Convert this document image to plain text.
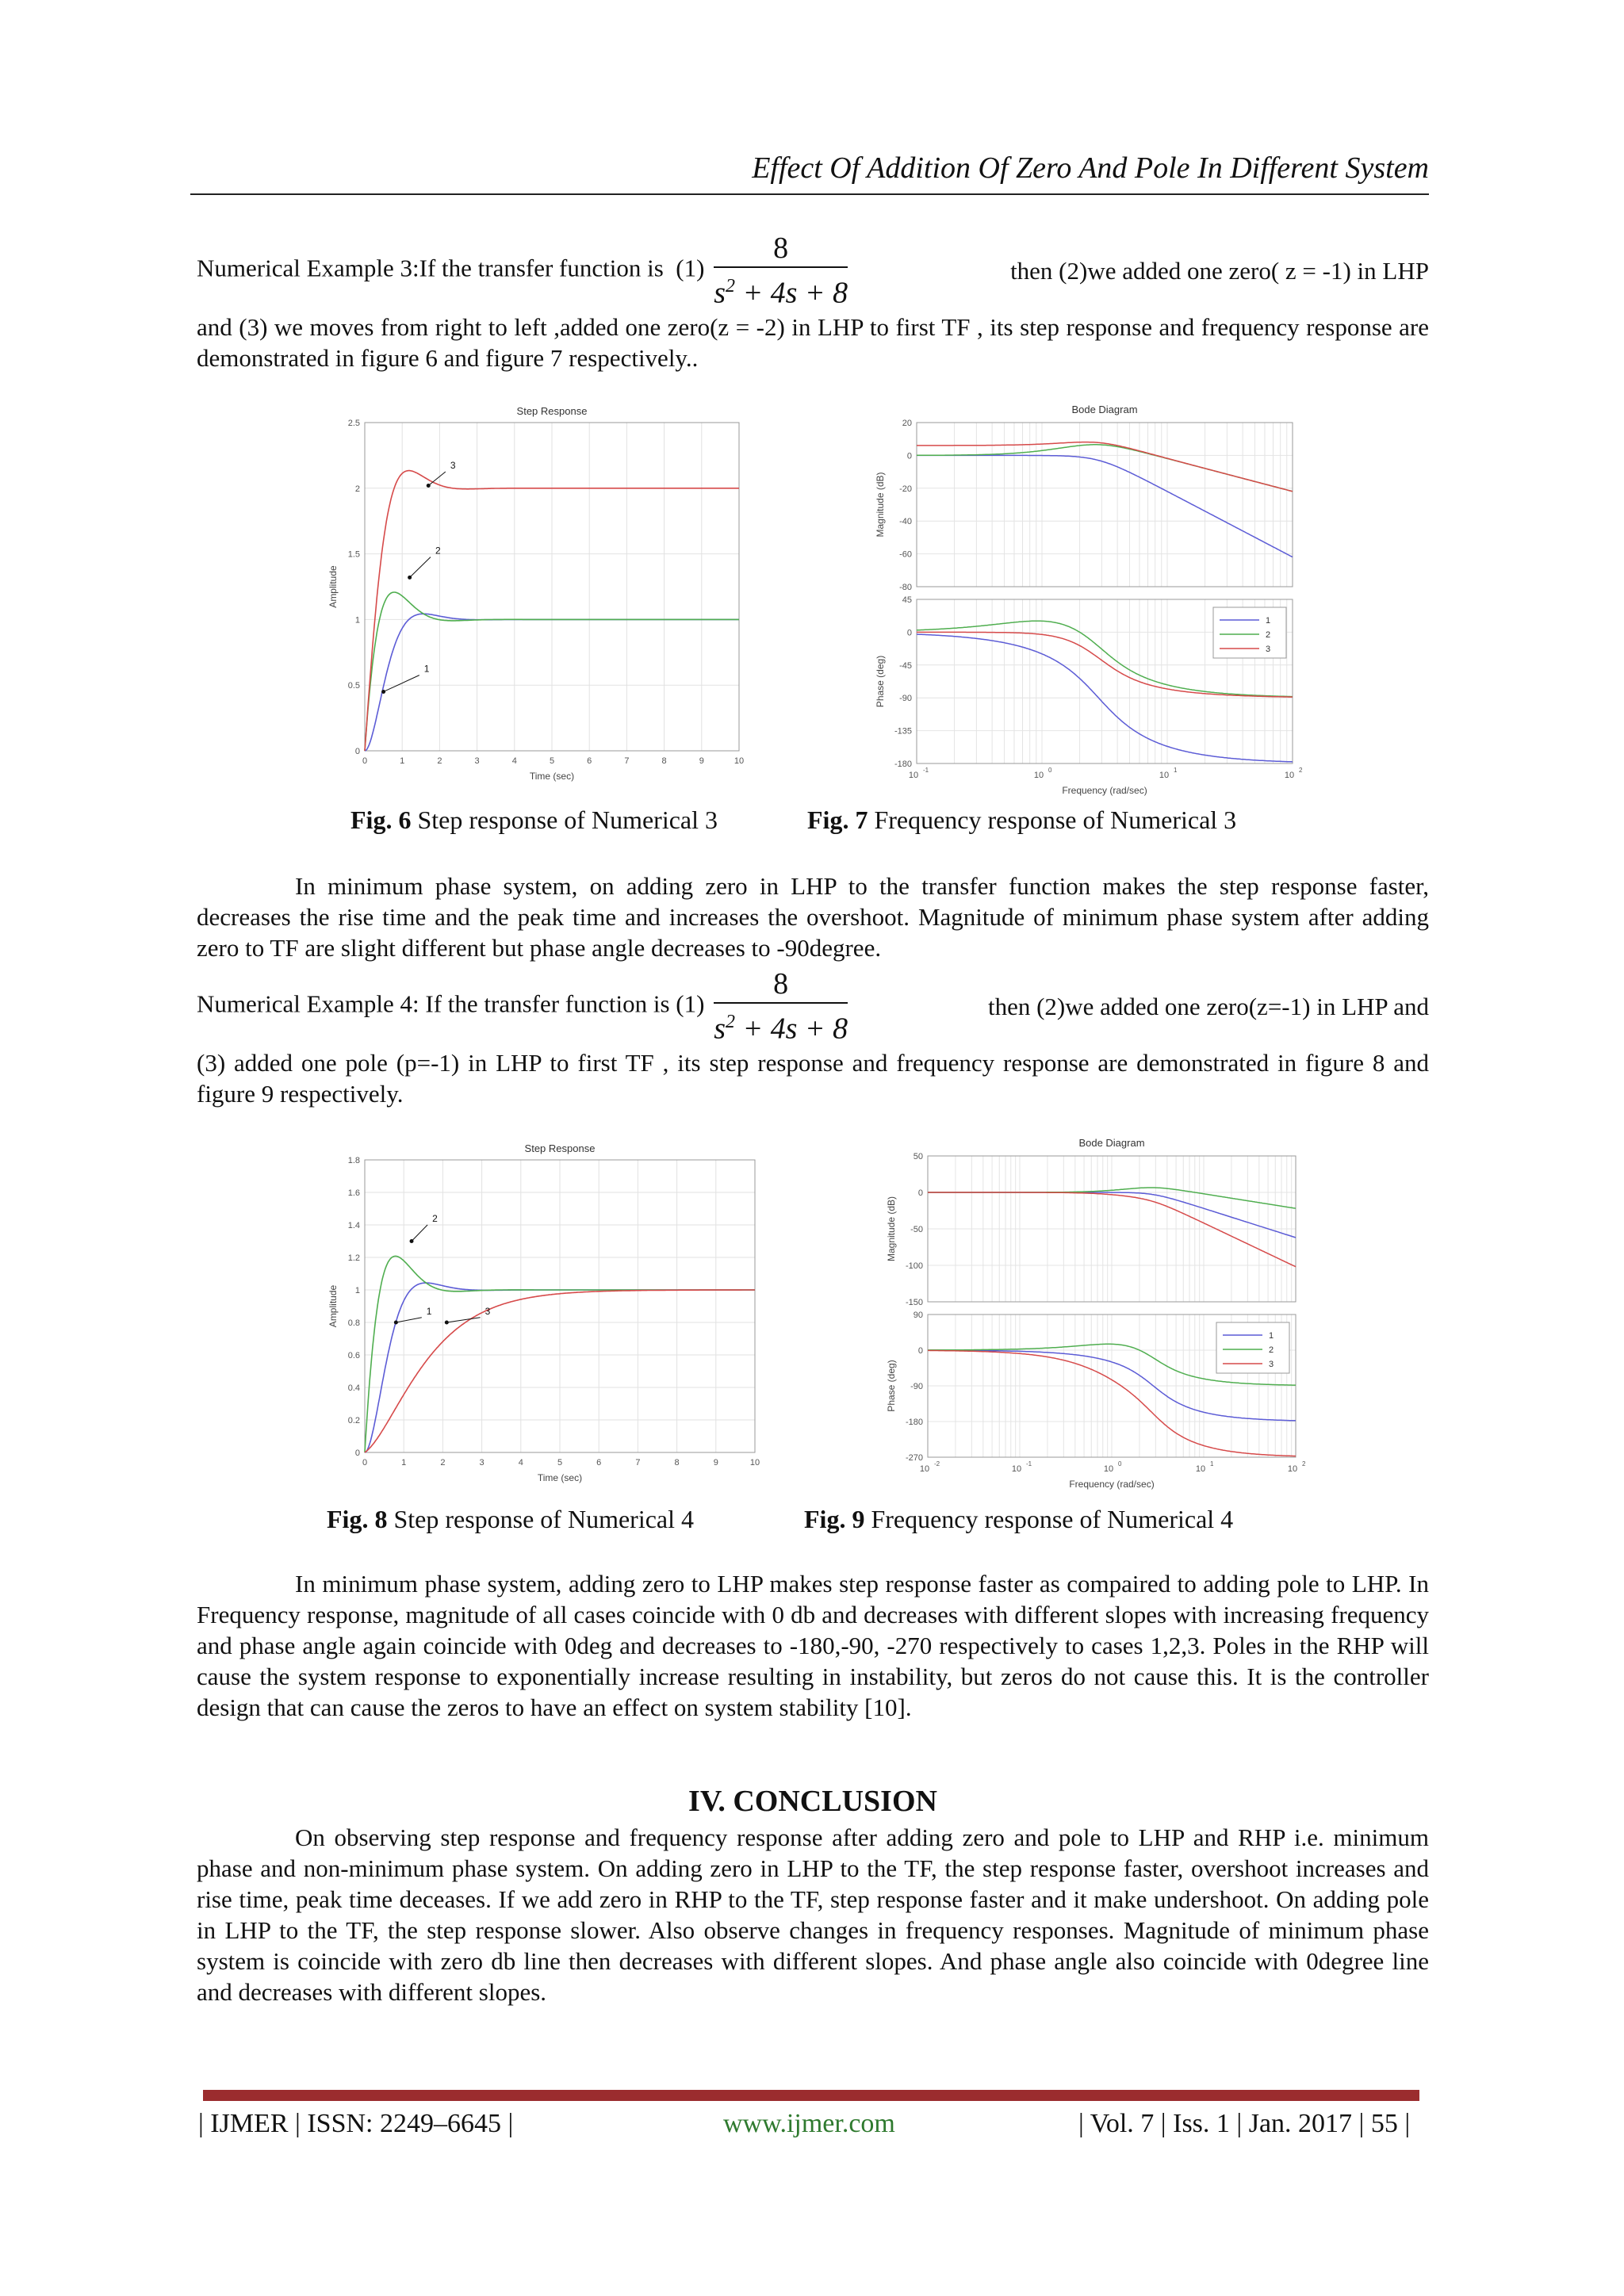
Effect Of Addition Of Zero And Pole In Different System
Numerical Example 3:If the transfer function is $(1) \frac{8}{s^2 + 4s + 8}$	then (2)we added one zero( z = -1) in LHP
and (3) we moves from right to left ,added one zero(z = -2) in LHP to first TF , its step response and frequency response are demonstrated in figure 6 and figure 7 respectively..
Step Response
0	1	2	3	4	5	6	7	8	9	10
0
0.5
1
1.5
2
2.5
Time (sec)
Amplitude
1
2
3
Bode Diagram
20
0
-20
-40
-60
-80
45
0
-45
-90
-135
-180
10
-1
10
0
10
1
10
2
Frequency (rad/sec)
Magnitude (dB)
Phase (deg)
1
2
3
Fig. 6 Step response of Numerical 3	Fig. 7 Frequency response of Numerical 3
In minimum phase system, on adding zero in LHP to the transfer function makes the step response faster, decreases the rise time and the peak time and increases the overshoot. Magnitude of minimum phase system after adding zero to TF are slight different but phase angle decreases to -90degree.
Numerical Example 4: If the transfer function is $(1) \frac{8}{s^2 + 4s + 8}$	then (2)we added one zero(z=-1) in LHP and
(3) added one pole (p=-1) in LHP to first TF , its step response and frequency response are demonstrated in figure 8 and figure 9 respectively.
Step Response
0	1	2	3	4	5	6	7	8	9	10
0
0.2
0.4
0.6
0.8
1
1.2
1.4
1.6
1.8
Time (sec)
Amplitude	1
2
3
Bode Diagram
50
0
-50
-100
-150
90
0
-90
-180
-270
10
-2
10
-1
10
0
10
1
10
2
Frequency (rad/sec)
Magnitude (dB)
Phase (deg)
1
2
3
Fig. 8 Step response of Numerical 4	Fig. 9 Frequency response of Numerical 4
In minimum phase system, adding zero to LHP makes step response faster as compaired to adding pole to LHP. In Frequency response, magnitude of all cases coincide with 0 db and decreases with different slopes with increasing frequency and phase angle again coincide with 0deg and decreases to -180,-90, -270 respectively to cases 1,2,3. Poles in the RHP will cause the system response to exponentially increase resulting in instability, but zeros do not cause this. It is the controller design that can cause the zeros to have an effect on system stability [10].
IV. CONCLUSION
On observing step response and frequency response after adding zero and pole to LHP and RHP i.e. minimum phase and non-minimum phase system. On adding zero in LHP to the TF, the step response faster, overshoot increases and rise time, peak time deceases. If we add zero in RHP to the TF, step response faster and it make undershoot. On adding pole in LHP to the TF, the step response slower. Also observe changes in frequency responses. Magnitude of minimum phase system is coincide with zero db line then decreases with different slopes. And phase angle also coincide with 0degree line and decreases with different slopes.
| IJMER | ISSN: 2249–6645 |	www.ijmer.com	| Vol. 7 | Iss. 1 | Jan. 2017 | 55 |
